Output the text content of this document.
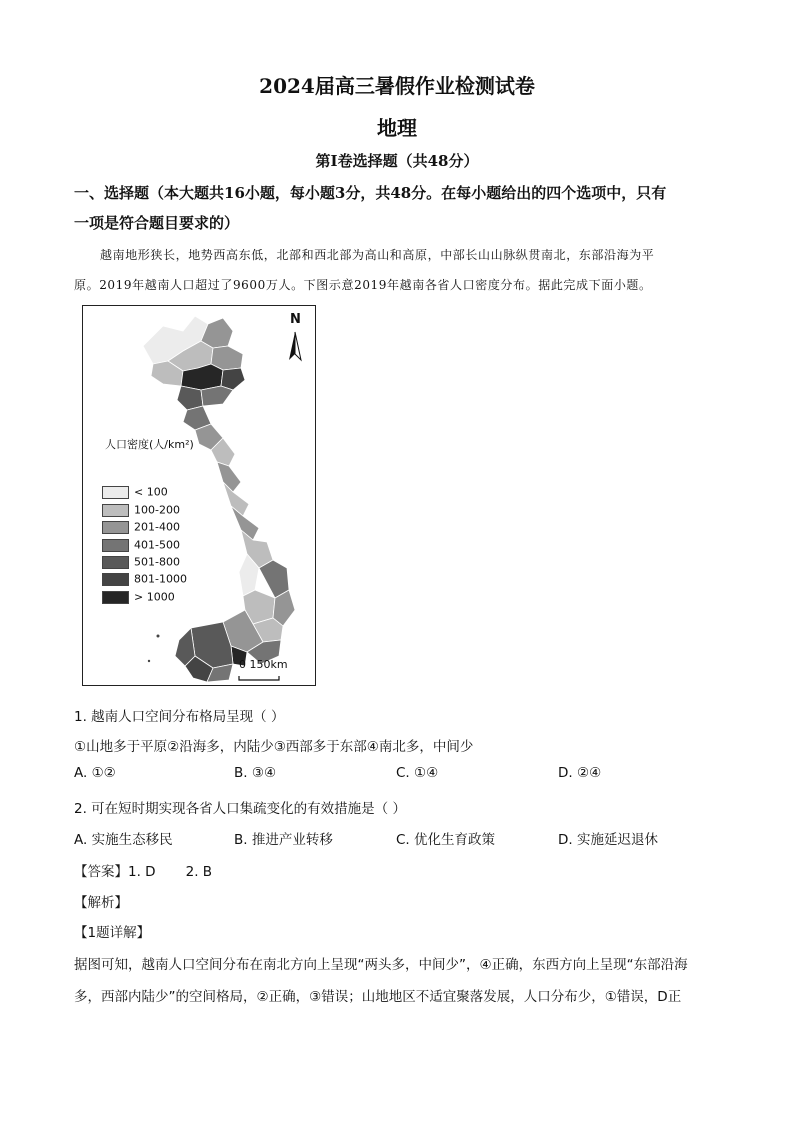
2024届高三暑假作业检测试卷
地理
第Ⅰ卷选择题（共48分）
一、选择题（本大题共16小题，每小题3分，共48分。在每小题给出的四个选项中，只有
一项是符合题目要求的）
越南地形狭长，地势西高东低，北部和西北部为高山和高原，中部长山山脉纵贯南北，东部沿海为平
原。2019年越南人口超过了9600万人。下图示意2019年越南各省人口密度分布。据此完成下面小题。
N
人口密度(人/km²)
< 100
100-200
201-400
401-500
501-800
801-1000
> 1000
0 150km
1. 越南人口空间分布格局呈现（ ）
①山地多于平原②沿海多，内陆少③西部多于东部④南北多，中间少
A. ①②	B. ③④	C. ①④	D. ②④
2. 可在短时期实现各省人口集疏变化的有效措施是（ ）
A. 实施生态移民	B. 推进产业转移	C. 优化生育政策	D. 实施延迟退休
【答案】1. D       2. B
【解析】
【1题详解】
据图可知，越南人口空间分布在南北方向上呈现“两头多，中间少”，④正确，东西方向上呈现“东部沿海
多，西部内陆少”的空间格局，②正确，③错误；山地地区不适宜聚落发展，人口分布少，①错误，D正
